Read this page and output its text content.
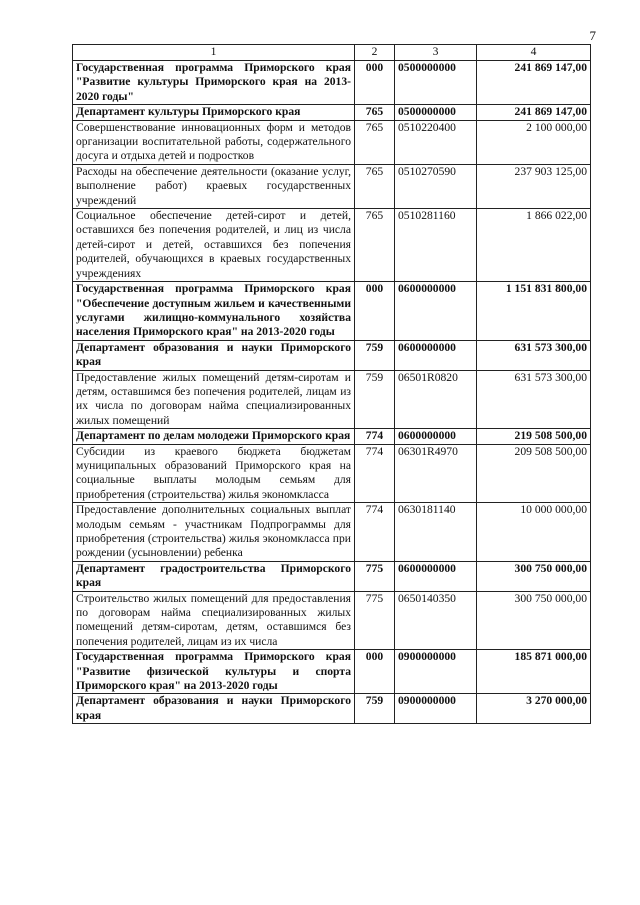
7
1	2	3	4
Государственная программа Приморского края "Развитие культуры Приморского края на 2013-2020 годы"	000	0500000000	241 869 147,00
Департамент культуры Приморского края	765	0500000000	241 869 147,00
Совершенствование инновационных форм и методов организации воспитательной работы, содержательного досуга и отдыха детей и подростков	765	0510220400	2 100 000,00
Расходы на обеспечение деятельности (оказание услуг, выполнение работ) краевых государственных учреждений	765	0510270590	237 903 125,00
Социальное обеспечение детей-сирот и детей, оставшихся без попечения родителей, и лиц из числа детей-сирот и детей, оставшихся без попечения родителей, обучающихся в краевых государственных учреждениях	765	0510281160	1 866 022,00
Государственная программа Приморского края "Обеспечение доступным жильем и качественными услугами жилищно-коммунального хозяйства населения Приморского края" на 2013-2020 годы	000	0600000000	1 151 831 800,00
Департамент образования и науки Приморского края	759	0600000000	631 573 300,00
Предоставление жилых помещений детям-сиротам и детям, оставшимся без попечения родителей, лицам из их числа по договорам найма специализированных жилых помещений	759	06501R0820	631 573 300,00
Департамент по делам молодежи Приморского края	774	0600000000	219 508 500,00
Субсидии из краевого бюджета бюджетам муниципальных образований Приморского края на социальные выплаты молодым семьям для приобретения (строительства) жилья экономкласса	774	06301R4970	209 508 500,00
Предоставление дополнительных социальных выплат молодым семьям - участникам Подпрограммы для приобретения (строительства) жилья экономкласса при рождении (усыновлении) ребенка	774	0630181140	10 000 000,00
Департамент градостроительства Приморского края	775	0600000000	300 750 000,00
Строительство жилых помещений для предоставления по договорам найма специализированных жилых помещений детям-сиротам, детям, оставшимся без попечения родителей, лицам из их числа	775	0650140350	300 750 000,00
Государственная программа Приморского края "Развитие физической культуры и спорта Приморского края" на 2013-2020 годы	000	0900000000	185 871 000,00
Департамент образования и науки Приморского края	759	0900000000	3 270 000,00
